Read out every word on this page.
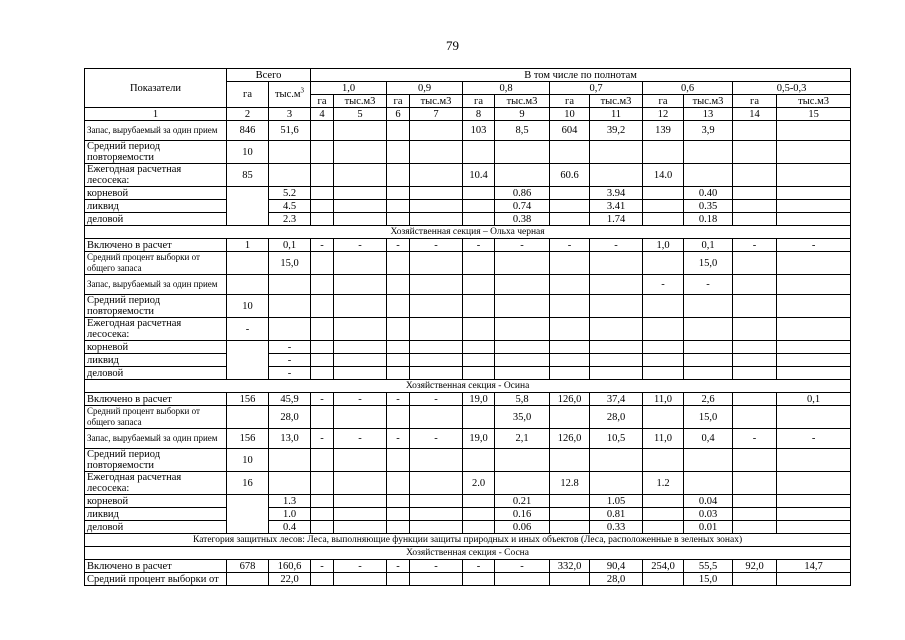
79
Показатели	Всего		В том числе по полнотам											
	га	$тыс.м^3$	1,0		0,9		0,8		0,7		0,6		0,5-0,3	
			га	тыс.м3	га	тыс.м3	га	тыс.м3	га	тыс.м3	га	тыс.м3	га	тыс.м3
1	2	3	4	5	6	7	8	9	10	11	12	13	14	15
Запас, вырубаемый за один прием	846	51,6					103	8,5	604	39,2	139	3,9		
Средний период повторяемости	10													
Ежегодная расчетная лесосека:	85						10.4		60.6		14.0			
корневой		5.2						0.86		3.94		0.40		
ликвид		4.5						0.74		3.41		0.35		
деловой		2.3						0.38		1.74		0.18		
Хозяйственная секция – Ольха черная														
Включено в расчет	1	0,1	-	-	-	-	-	-	-	-	1,0	0,1	-	-
Средний процент выборки от общего запаса		15,0										15,0		
Запас, вырубаемый за один прием											-	-		
Средний период повторяемости	10													
Ежегодная расчетная лесосека:	-													
корневой		-												
ликвид		-												
деловой		-												
Хозяйственная секция - Осина														
Включено в расчет	156	45,9	-	-	-	-	19,0	5,8	126,0	37,4	11,0	2,6		0,1
Средний процент выборки от общего запаса		28,0						35,0		28,0		15,0		
Запас, вырубаемый за один прием	156	13,0	-	-	-	-	19,0	2,1	126,0	10,5	11,0	0,4	-	-
Средний период повторяемости	10													
Ежегодная расчетная лесосека:	16						2.0		12.8		1.2			
корневой		1.3						0.21		1.05		0.04		
ликвид		1.0						0.16		0.81		0.03		
деловой		0.4						0.06		0.33		0.01		
Категория защитных лесов: Леса, выполняющие функции защиты природных и иных объектов (Леса, расположенные в зеленых зонах)														
Хозяйственная секция - Сосна														
Включено в расчет	678	160,6	-	-	-	-	-	-	332,0	90,4	254,0	55,5	92,0	14,7
Средний процент выборки от		22,0								28,0		15,0		
